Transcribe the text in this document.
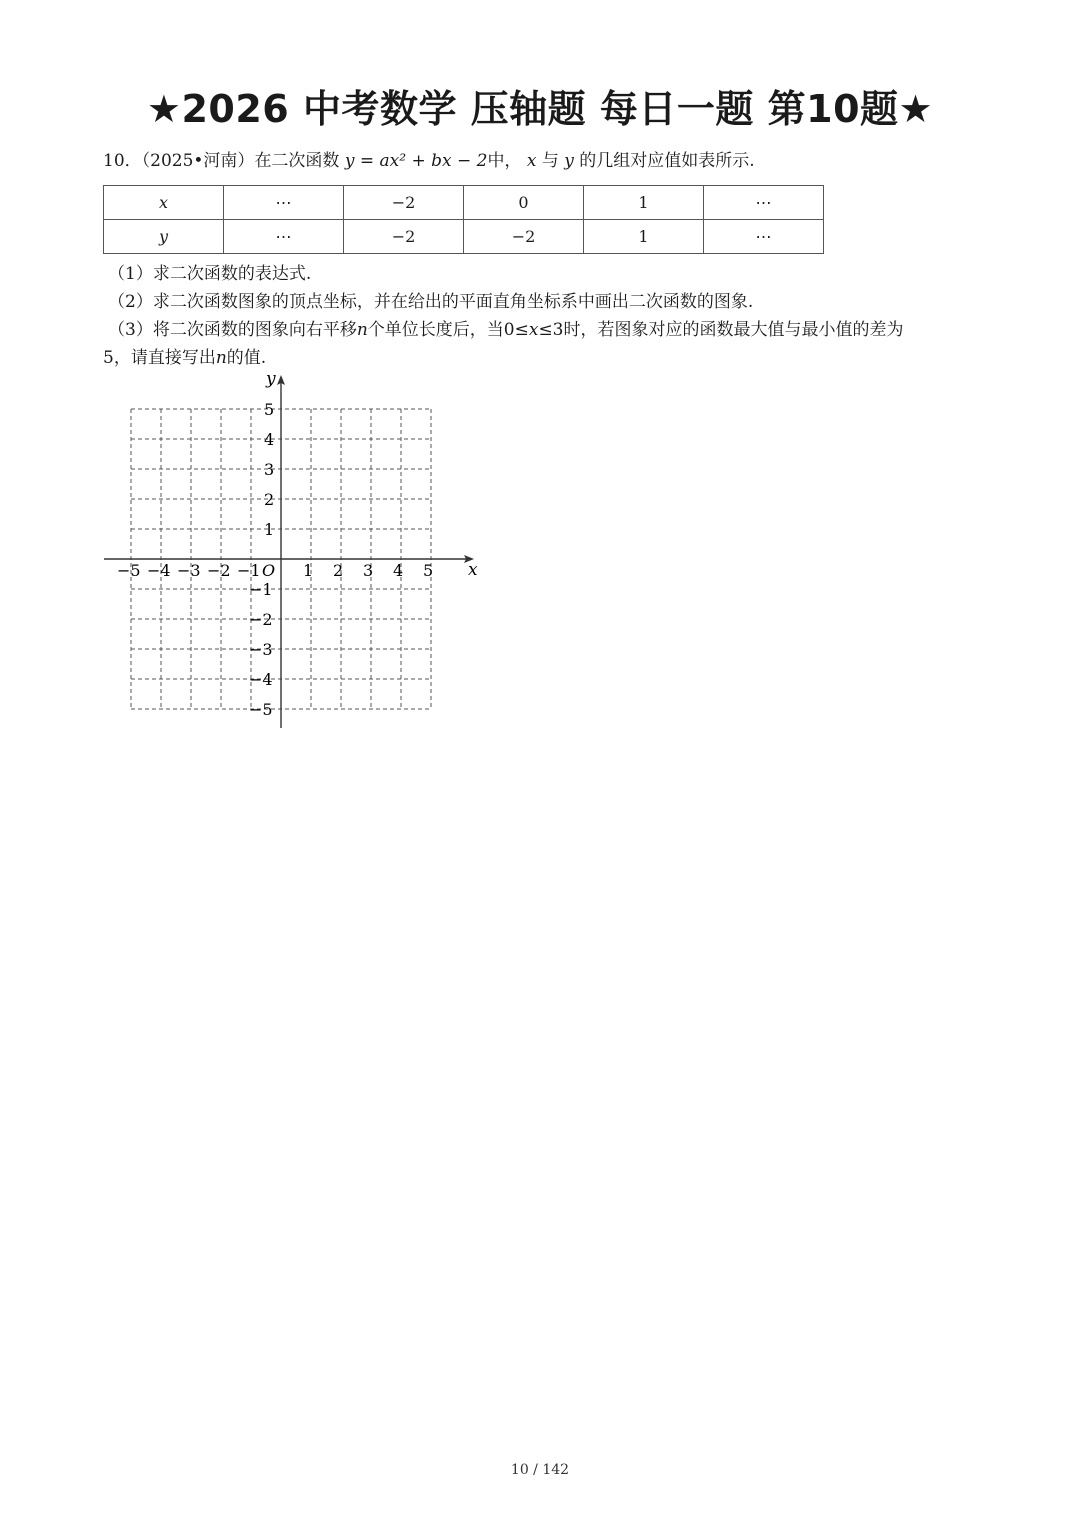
★2026 中考数学 压轴题 每日一题 第10题★
10．（2025•河南）在二次函数 y = ax² + bx − 2中， x 与 y 的几组对应值如表所示.
x	⋯	−2	0	1	⋯
y	⋯	−2	−2	1	⋯
（1）求二次函数的表达式.
（2）求二次函数图象的顶点坐标，并在给出的平面直角坐标系中画出二次函数的图象.
（3）将二次函数的图象向右平移n个单位长度后，当0≤x≤3时，若图象对应的函数最大值与最小值的差为
5，请直接写出n的值.
x
y
O
−5 −4 −3 −2 −1	1 2 3 4 5
5
4
3
2
1
−1
−2
−3
−4
−5
10 / 142
